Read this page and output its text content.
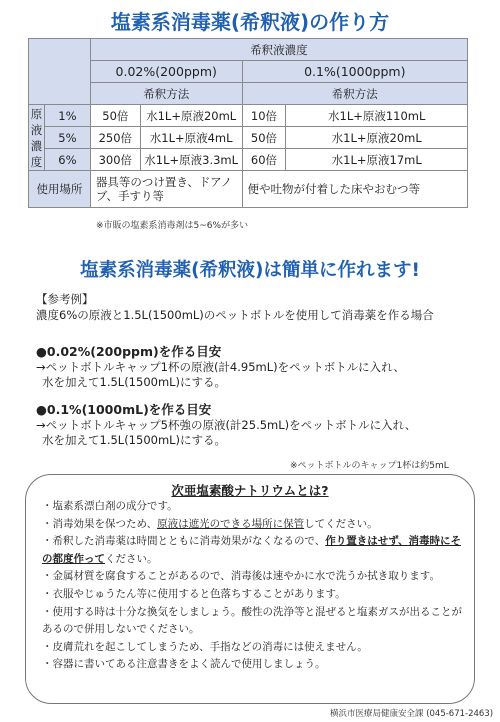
塩素系消毒薬(希釈液)の作り方
		希釈液濃度			
		0.02%(200ppm)		0.1%(1000ppm)	
		希釈方法		希釈方法	
原
液
濃
度	1%	50倍	水1L+原液20mL	10倍	水1L+原液110mL
	5%	250倍	水1L+原液4mL	50倍	水1L+原液20mL
	6%	300倍	水1L+原液3.3mL	60倍	水1L+原液17mL
使用場所		器具等のつけ置き、ドアノブ、手すり等		便や吐物が付着した床やおむつ等	
※市販の塩素系消毒剤は5~6%が多い
塩素系消毒薬(希釈液)は簡単に作れます!
【参考例】
濃度6%の原液と1.5L(1500mL)のペットボトルを使用して消毒薬を作る場合
●0.02%(200ppm)を作る目安
→ペットボトルキャップ1杯の原液(計4.95mL)をペットボトルに入れ、
水を加えて1.5L(1500mL)にする。
●0.1%(1000mL)を作る目安
→ペットボトルキャップ5杯強の原液(計25.5mL)をペットボトルに入れ、
水を加えて1.5L(1500mL)にする。
※ペットボトルのキャップ1杯は約5mL
次亜塩素酸ナトリウムとは?
・塩素系漂白剤の成分です。
・消毒効果を保つため、原液は遮光のできる場所に保管してください。
・希釈した消毒薬は時間とともに消毒効果がなくなるので、作り置きはせず、消毒時にそ
の都度作ってください。
・金属材質を腐食することがあるので、消毒後は速やかに水で洗うか拭き取ります。
・衣服やじゅうたん等に使用すると色落ちすることがあります。
・使用する時は十分な換気をしましょう。酸性の洗浄等と混ぜると塩素ガスが出ることが
あるので併用しないでください。
・皮膚荒れを起こしてしまうため、手指などの消毒には使えません。
・容器に書いてある注意書きをよく読んで使用しましょう。
横浜市医療局健康安全課 (045-671-2463)
